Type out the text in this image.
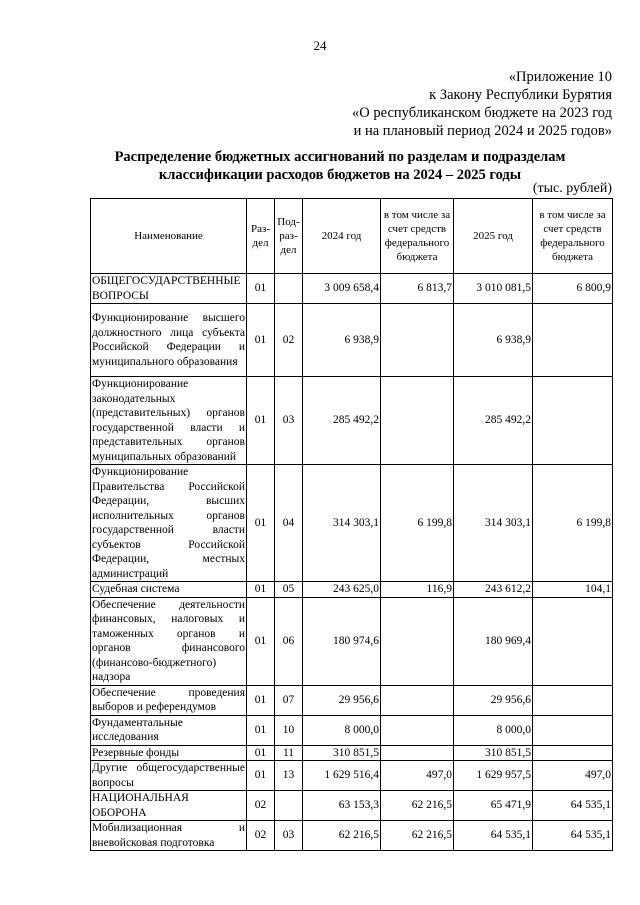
24
«Приложение 10
к Закону Республики Бурятия
«О республиканском бюджете на 2023 год
и на плановый период 2024 и 2025 годов»
Распределение бюджетных ассигнований по разделам и подразделам
классификации расходов бюджетов на 2024 – 2025 годы
(тыс. рублей)
Наименование	Раз-дел	Под-раз-дел	2024 год	в том числе за счет средств федерального бюджета	2025 год	в том числе за счет средств федерального бюджета
ОБЩЕГОСУДАРСТВЕННЫЕ ВОПРОСЫ	01		3 009 658,4	6 813,7	3 010 081,5	6 800,9
Функционирование высшего должностного лица субъекта Российской Федерации и муниципального образования	01	02	6 938,9		6 938,9	
Функционирование законодательных (представительных) органов государственной власти и представительных органов муниципальных образований	01	03	285 492,2		285 492,2	
Функционирование Правительства Российской Федерации, высших исполнительных органов государственной власти субъектов Российской Федерации, местных администраций	01	04	314 303,1	6 199,8	314 303,1	6 199,8
Судебная система	01	05	243 625,0	116,9	243 612,2	104,1
Обеспечение деятельности финансовых, налоговых и таможенных органов и органов финансового (финансово-бюджетного) надзора	01	06	180 974,6		180 969,4	
Обеспечение проведения выборов и референдумов	01	07	29 956,6		29 956,6	
Фундаментальные исследования	01	10	8 000,0		8 000,0	
Резервные фонды	01	11	310 851,5		310 851,5	
Другие общегосударственные вопросы	01	13	1 629 516,4	497,0	1 629 957,5	497,0
НАЦИОНАЛЬНАЯ ОБОРОНА	02		63 153,3	62 216,5	65 471,9	64 535,1
Мобилизационная и вневойсковая подготовка	02	03	62 216,5	62 216,5	64 535,1	64 535,1
